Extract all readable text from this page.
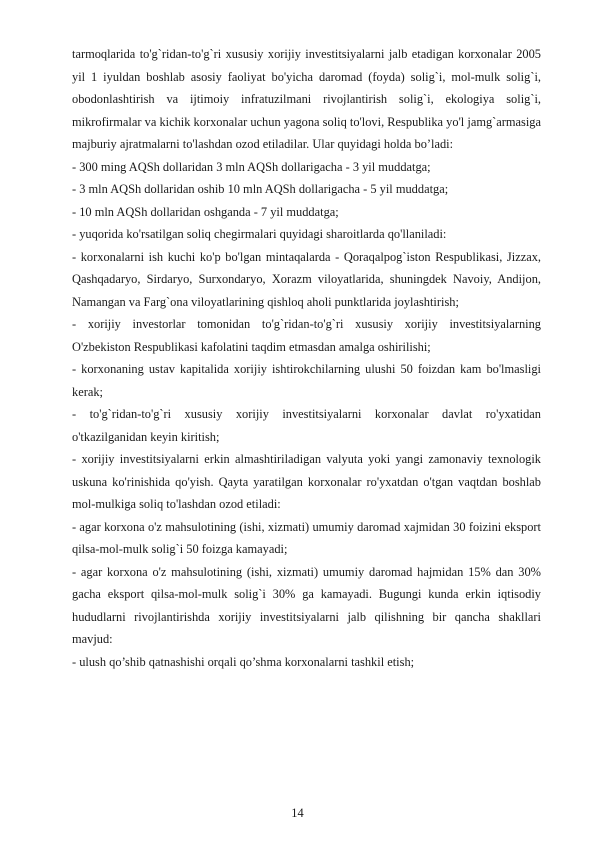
tarmoqlarida to'g`ridan-to'g`ri xususiy xorijiy investitsiyalarni jalb etadigan korxonalar 2005 yil 1 iyuldan boshlab asosiy faoliyat bo'yicha daromad (foyda) solig`i, mol-mulk solig`i, obodonlashtirish va ijtimoiy infratuzilmani rivojlantirish solig`i, ekologiya solig`i, mikrofirmalar va kichik korxonalar uchun yagona soliq to'lovi, Respublika yo'l jamg`armasiga majburiy ajratmalarni to'lashdan ozod etiladilar. Ular quyidagi holda bo’ladi:

- 300 ming AQSh dollaridan 3 mln AQSh dollarigacha - 3 yil muddatga;

- 3 mln AQSh dollaridan oshib 10 mln AQSh dollarigacha - 5 yil muddatga;

- 10 mln AQSh dollaridan oshganda - 7 yil muddatga;

- yuqorida ko'rsatilgan soliq chegirmalari quyidagi sharoitlarda qo'llaniladi:

- korxonalarni ish kuchi ko'p bo'lgan mintaqalarda - Qoraqalpog`iston Respublikasi, Jizzax, Qashqadaryo, Sirdaryo, Surxondaryo, Xorazm viloyatlarida, shuningdek Navoiy, Andijon, Namangan va Farg`ona viloyatlarining qishloq aholi punktlarida joylashtirish;

- xorijiy investorlar tomonidan to'g`ridan-to'g`ri xususiy xorijiy investitsiyalarning O'zbekiston Respublikasi kafolatini taqdim etmasdan amalga oshirilishi;

- korxonaning ustav kapitalida xorijiy ishtirokchilarning ulushi 50 foizdan kam bo'lmasligi kerak;

- to'g`ridan-to'g`ri xususiy xorijiy investitsiyalarni korxonalar davlat ro'yxatidan o'tkazilganidan keyin kiritish;

- xorijiy investitsiyalarni erkin almashtiriladigan valyuta yoki yangi zamonaviy texnologik uskuna ko'rinishida qo'yish. Qayta yaratilgan korxonalar ro'yxatdan o'tgan vaqtdan boshlab mol-mulkiga soliq to'lashdan ozod etiladi:

- agar korxona o'z mahsulotining (ishi, xizmati) umumiy daromad xajmidan 30 foizini eksport qilsa-mol-mulk solig`i 50 foizga kamayadi;

- agar korxona o'z mahsulotining (ishi, xizmati) umumiy daromad hajmidan 15% dan 30% gacha eksport qilsa-mol-mulk solig`i 30% ga kamayadi. Bugungi kunda erkin iqtisodiy hududlarni rivojlantirishda xorijiy investitsiyalarni jalb qilishning bir qancha shakllari mavjud:

- ulush qo’shib qatnashishi orqali qo’shma korxonalarni tashkil etish;

14
